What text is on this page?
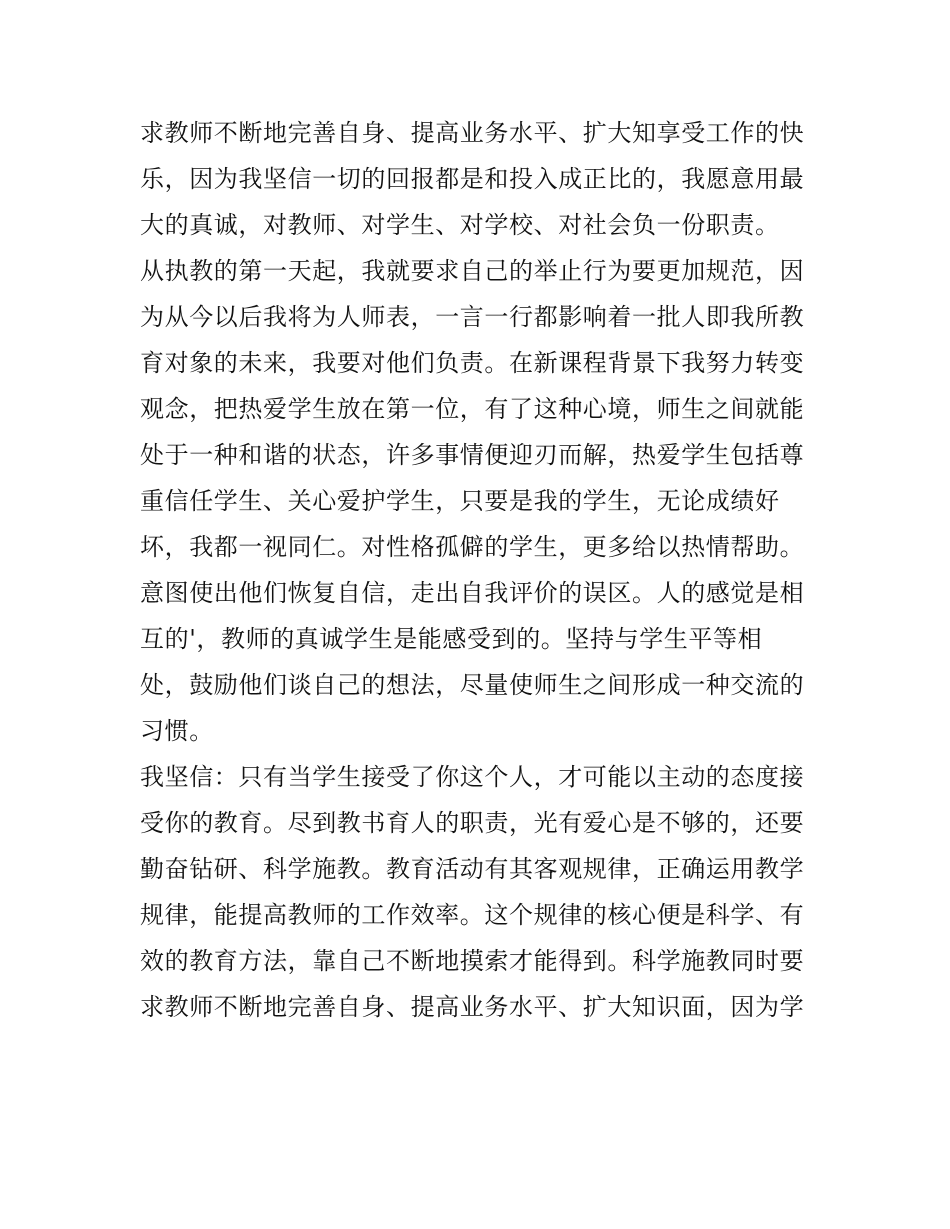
求教师不断地完善自身、提高业务水平、扩大知享受工作的快
乐，因为我坚信一切的回报都是和投入成正比的，我愿意用最
大的真诚，对教师、对学生、对学校、对社会负一份职责。
从执教的第一天起，我就要求自己的举止行为要更加规范，因
为从今以后我将为人师表，一言一行都影响着一批人即我所教
育对象的未来，我要对他们负责。在新课程背景下我努力转变
观念，把热爱学生放在第一位，有了这种心境，师生之间就能
处于一种和谐的状态，许多事情便迎刃而解，热爱学生包括尊
重信任学生、关心爱护学生，只要是我的学生，无论成绩好
坏，我都一视同仁。对性格孤僻的学生，更多给以热情帮助。
意图使出他们恢复自信，走出自我评价的误区。人的感觉是相
互的'，教师的真诚学生是能感受到的。坚持与学生平等相
处，鼓励他们谈自己的想法，尽量使师生之间形成一种交流的
习惯。
我坚信：只有当学生接受了你这个人，才可能以主动的态度接
受你的教育。尽到教书育人的职责，光有爱心是不够的，还要
勤奋钻研、科学施教。教育活动有其客观规律，正确运用教学
规律，能提高教师的工作效率。这个规律的核心便是科学、有
效的教育方法，靠自己不断地摸索才能得到。科学施教同时要
求教师不断地完善自身、提高业务水平、扩大知识面，因为学
